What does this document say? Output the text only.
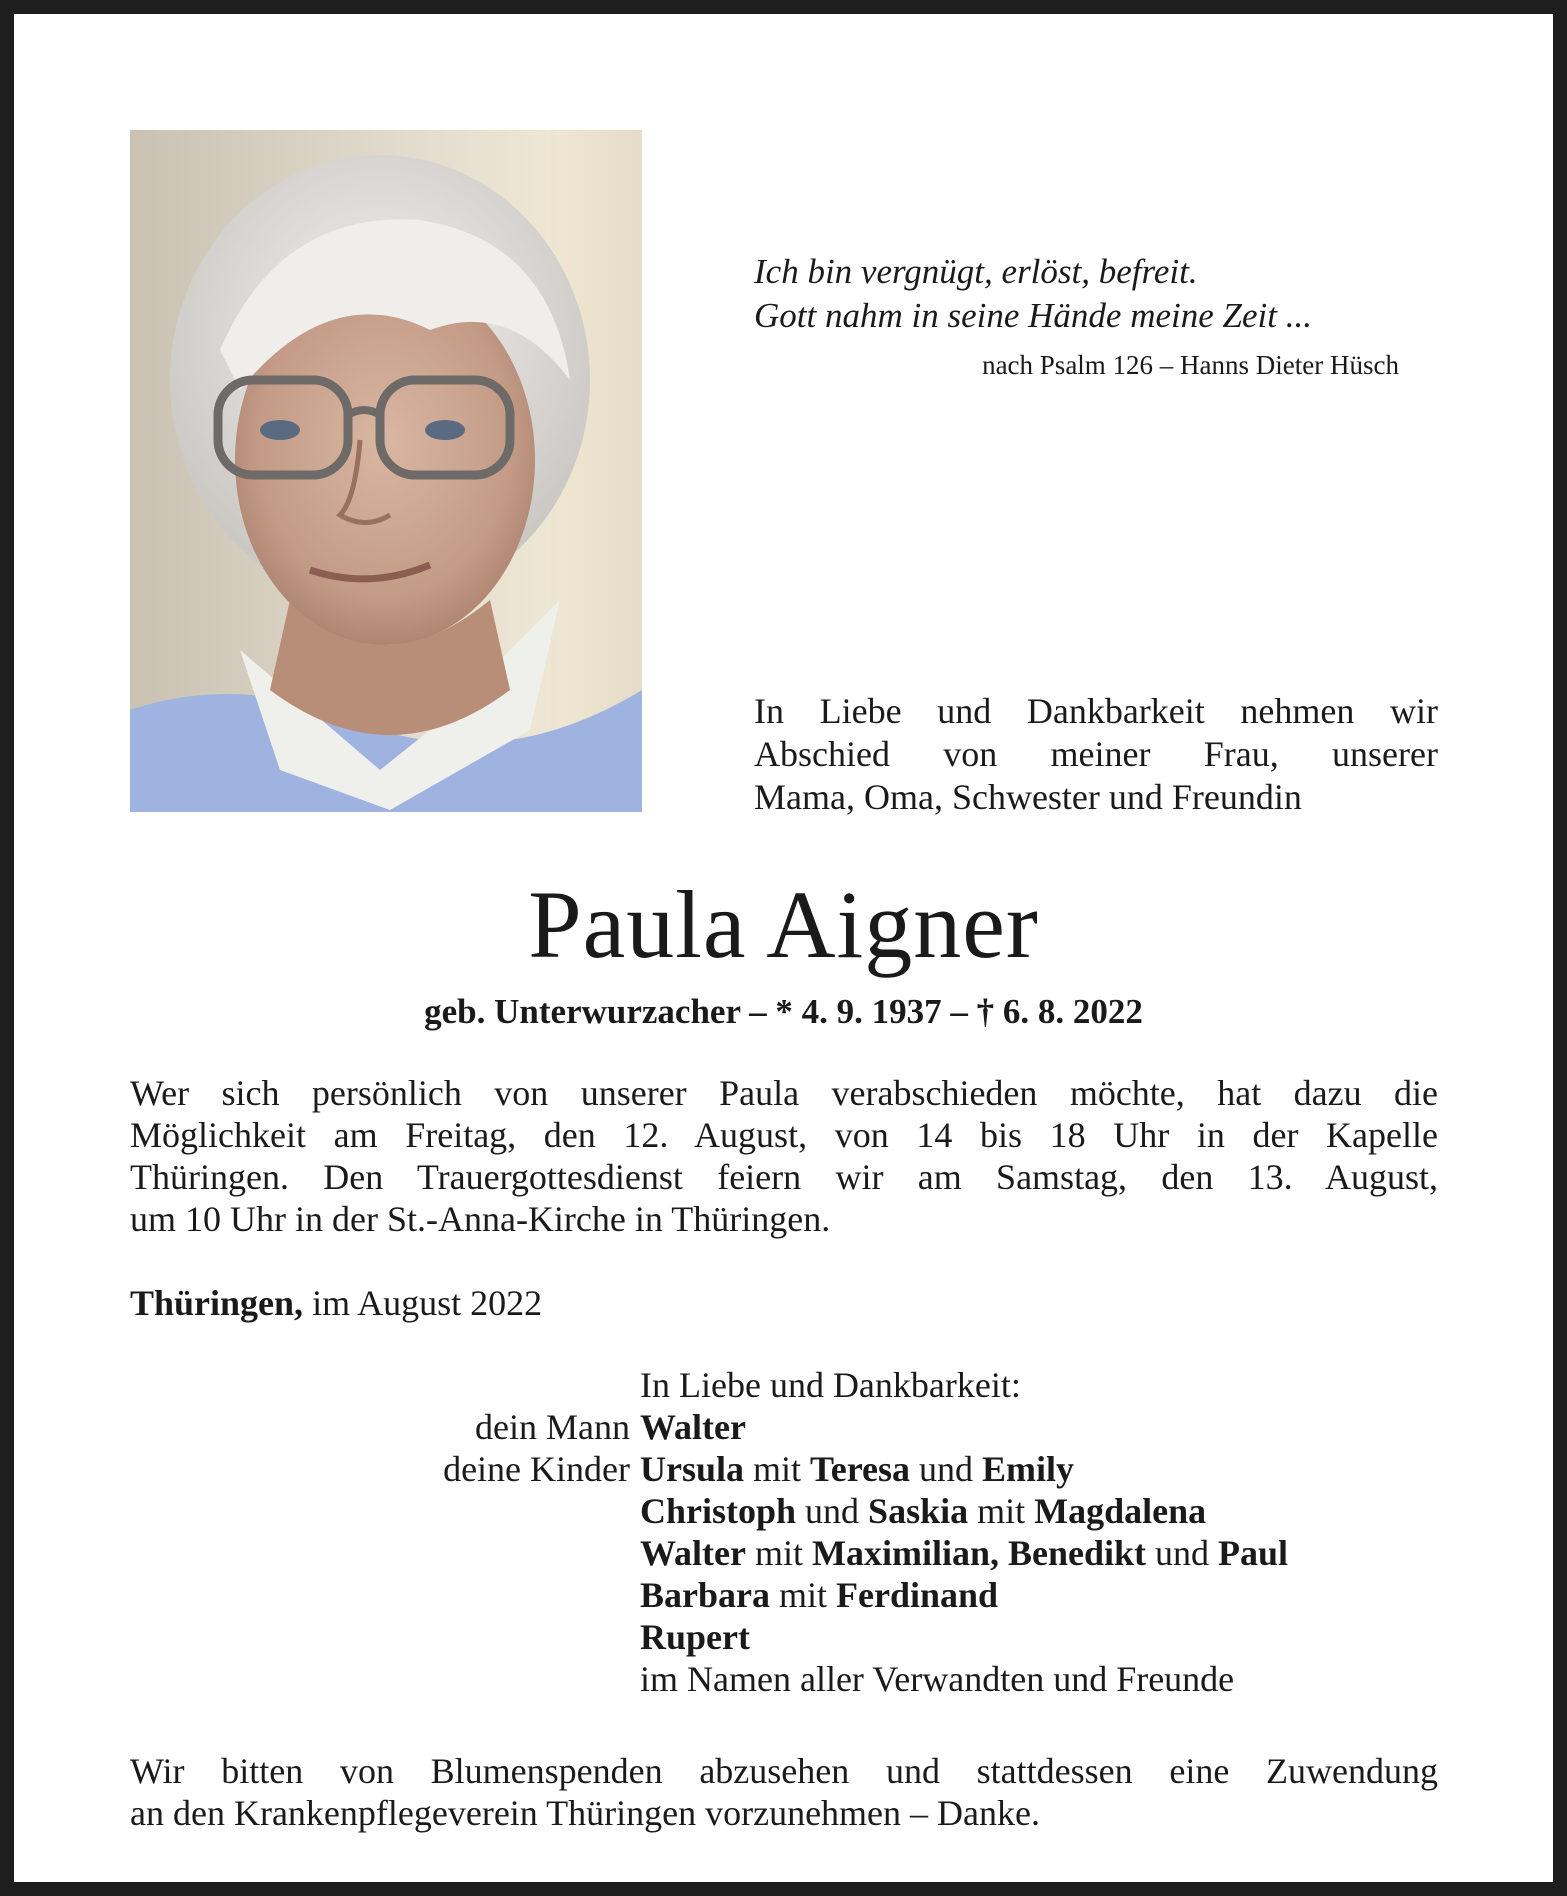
Ich bin vergnügt, erlöst, befreit.
Gott nahm in seine Hände meine Zeit ...
nach Psalm 126 – Hanns Dieter Hüsch
In Liebe und Dankbarkeit nehmen wir
Abschied von meiner Frau, unserer
Mama, Oma, Schwester und Freundin
Paula Aigner
geb. Unterwurzacher – * 4. 9. 1937 – † 6. 8. 2022
Wer sich persönlich von unserer Paula verabschieden möchte, hat dazu die
Möglichkeit am Freitag, den 12. August, von 14 bis 18 Uhr in der Kapelle
Thüringen. Den Trauergottesdienst feiern wir am Samstag, den 13. August,
um 10 Uhr in der St.-Anna-Kirche in Thüringen.
Thüringen, im August 2022
In Liebe und Dankbarkeit:
dein Mann Walter
deine Kinder Ursula mit Teresa und Emily
Christoph und Saskia mit Magdalena
Walter mit Maximilian, Benedikt und Paul
Barbara mit Ferdinand
Rupert
im Namen aller Verwandten und Freunde
Wir bitten von Blumenspenden abzusehen und stattdessen eine Zuwendung
an den Krankenpflegeverein Thüringen vorzunehmen – Danke.
